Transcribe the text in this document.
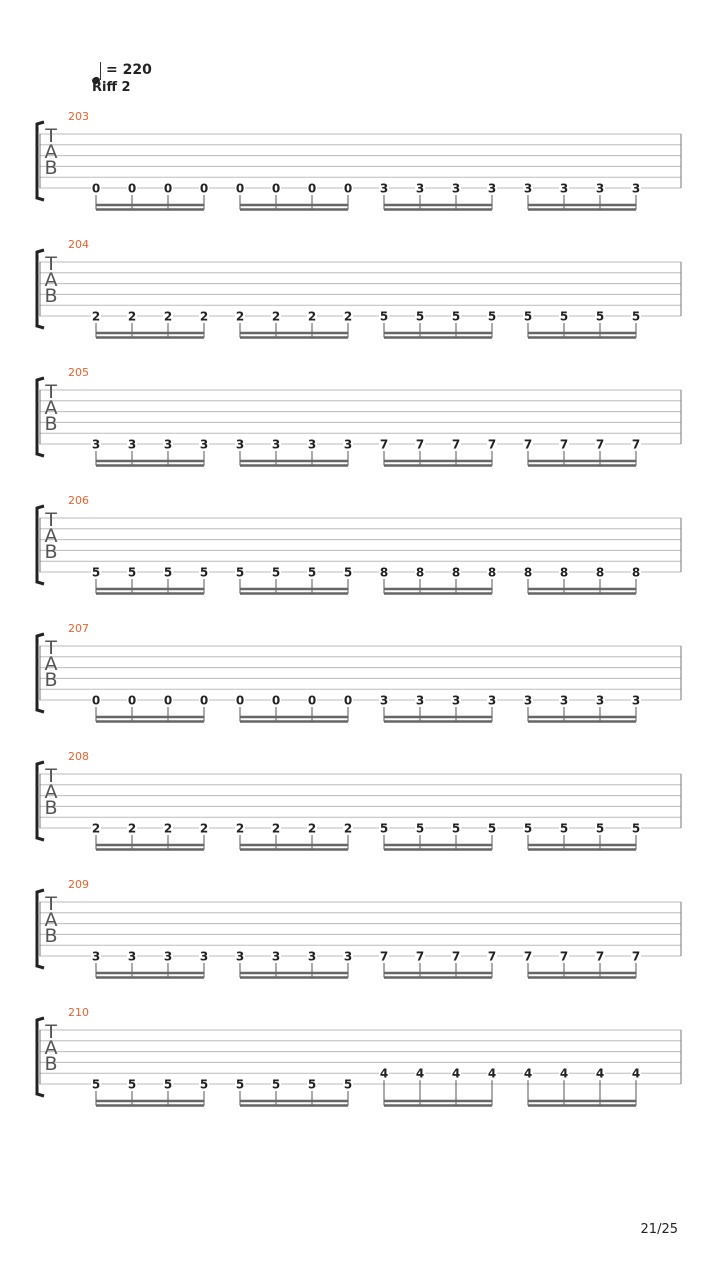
= 220
Riff 2
203
0 0 0 0 0 0 0 0 3 3 3 3 3 3 3 3
T
A
B
204
2 2 2 2 2 2 2 2 5 5 5 5 5 5 5 5
T
A
B
205
3 3 3 3 3 3 3 3 7 7 7 7 7 7 7 7
T
A
B
206
5 5 5 5 5 5 5 5 8 8 8 8 8 8 8 8
T
A
B
207
0 0 0 0 0 0 0 0 3 3 3 3 3 3 3 3
T
A
B
208
2 2 2 2 2 2 2 2 5 5 5 5 5 5 5 5
T
A
B
209
3 3 3 3 3 3 3 3 7 7 7 7 7 7 7 7
T
A
B
210
5 5 5 5 5 5 5 5
4 4 4 4 4 4 4 4
T
A
B
21/25
